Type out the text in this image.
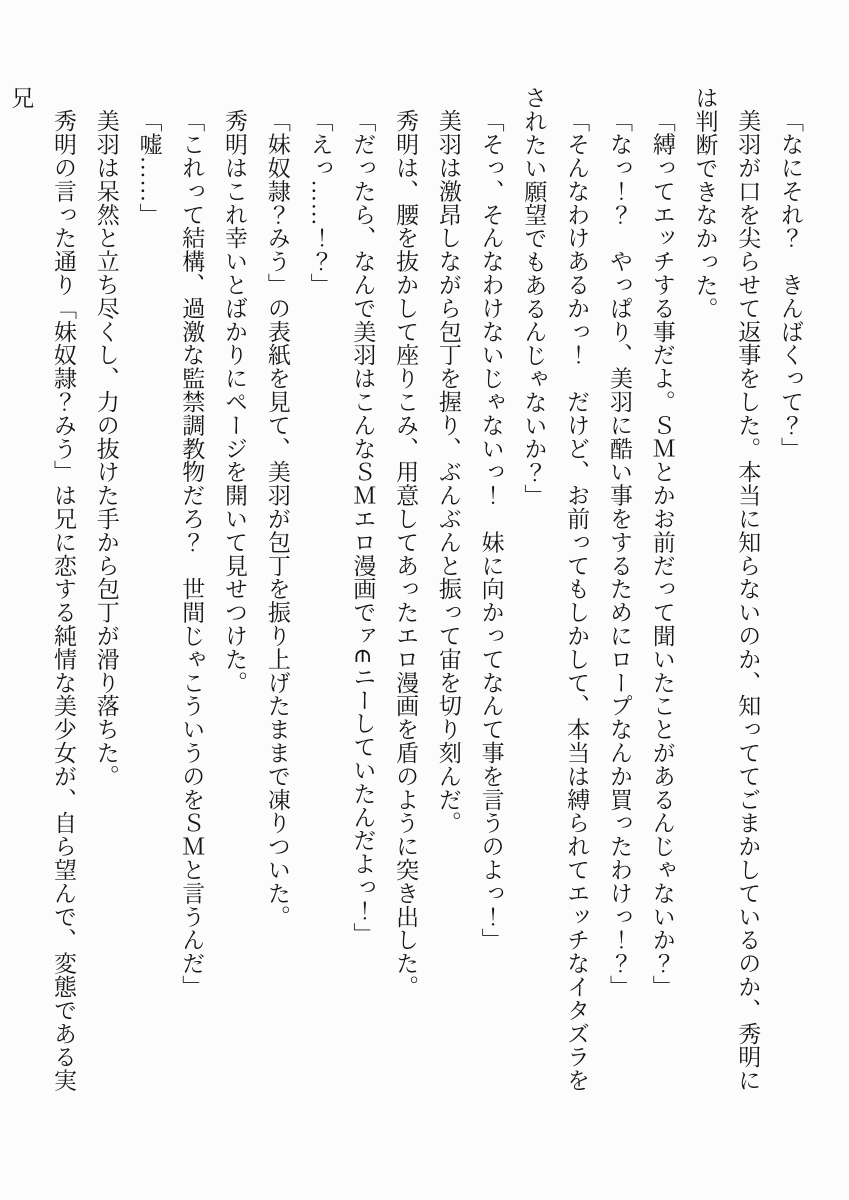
「なにそれ？　きんばくって？」

美羽が口を尖らせて返事をした。本当に知らないのか、知っててごまかしているのか、秀明には判断できなかった。

「縛ってエッチする事だよ。ＳＭとかお前だって聞いたことがあるんじゃないか？」

「なっ！？　やっぱり、美羽に酷い事をするためにロープなんか買ったわけっ！？」

「そんなわけあるかっ！　だけど、お前ってもしかして、本当は縛られてエッチなイタズラをされたい願望でもあるんじゃないか？」

「そっ、そんなわけないじゃないっ！　妹に向かってなんて事を言うのよっ！」

美羽は激昂しながら包丁を握り、ぶんぶんと振って宙を切り刻んだ。

秀明は、腰を抜かして座りこみ、用意してあったエロ漫画を盾のように突き出した。

「だったら、なんで美羽はこんなＳＭエロ漫画でァ∈ニーしていたんだよっ！」

「えっ……！？」

「妹奴隷？みう」の表紙を見て、美羽が包丁を振り上げたままで凍りついた。

秀明はこれ幸いとばかりにページを開いて見せつけた。

「これって結構、過激な監禁調教物だろ？　世間じゃこういうのをＳＭと言うんだ」

「嘘……」

美羽は呆然と立ち尽くし、力の抜けた手から包丁が滑り落ちた。

秀明の言った通り「妹奴隷？みう」は兄に恋する純情な美少女が、自ら望んで、変態である実兄
